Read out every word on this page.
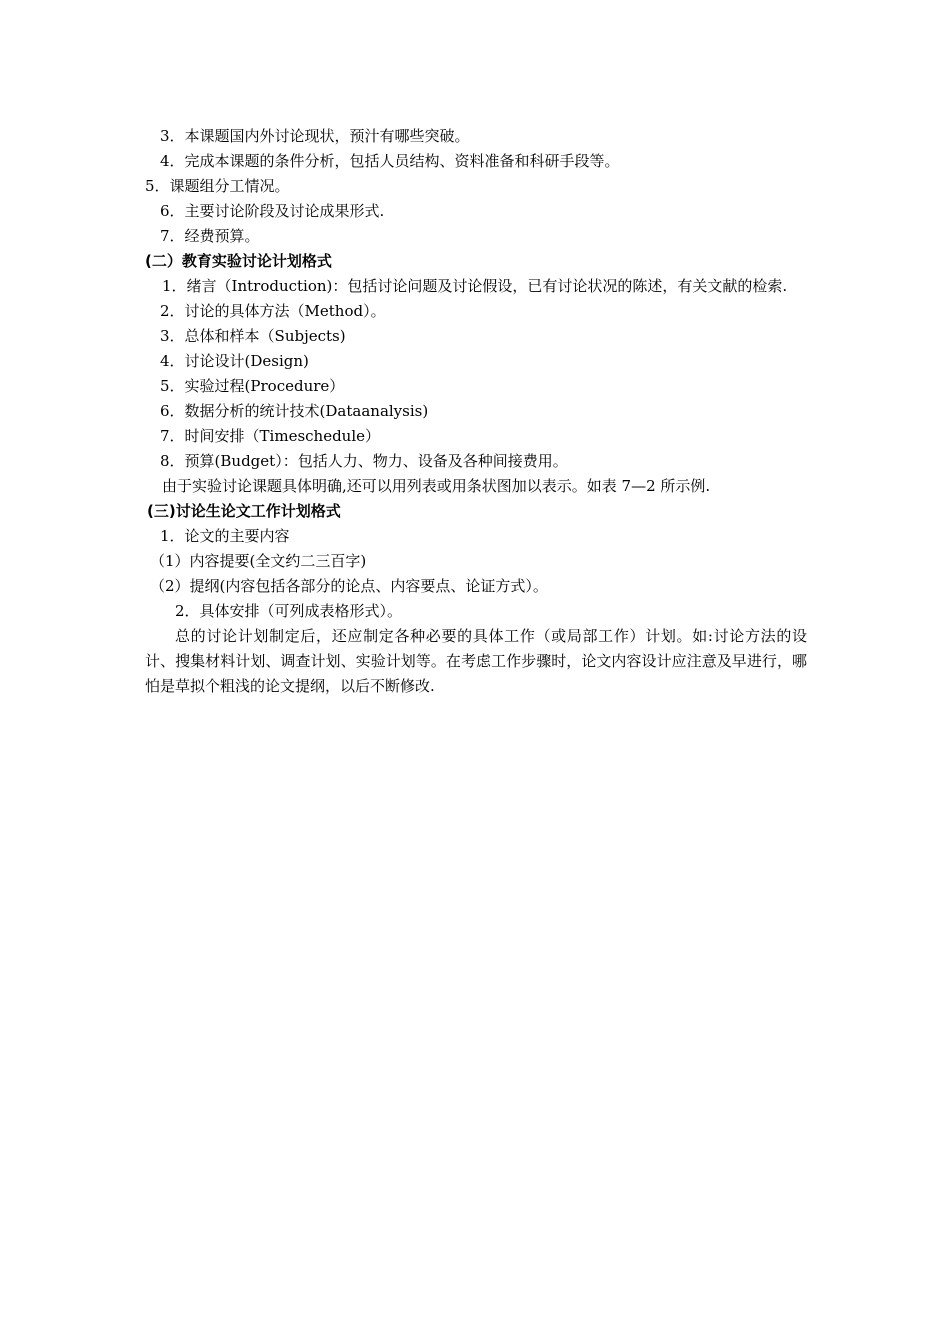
3．本课题国内外讨论现状，预汁有哪些突破。
4．完成本课题的条件分析，包括人员结构、资料准备和科研手段等。
5．课题组分工情况。
6．主要讨论阶段及讨论成果形式.
7．经费预算。
(二）教育实验讨论计划格式
1．绪言（Introduction)：包括讨论问题及讨论假设，已有讨论状况的陈述，有关文献的检索.
2．讨论的具体方法（Method）。
3．总体和样本（Subjects)
4．讨论设计(Design)
5．实验过程(Procedure）
6．数据分析的统计技术(Dataanalysis)
7．时间安排（Timeschedule）
8．预算(Budget）：包括人力、物力、设备及各种间接费用。
由于实验讨论课题具体明确,还可以用列表或用条状图加以表示。如表 7—2 所示例.
(三)讨论生论文工作计划格式
1．论文的主要内容
（1）内容提要(全文约二三百字)
（2）提纲(内容包括各部分的论点、内容要点、论证方式）。
2．具体安排（可列成表格形式）。
总的讨论计划制定后，还应制定各种必要的具体工作（或局部工作）计划。如:讨论方法的设计、搜集材料计划、调查计划、实验计划等。在考虑工作步骤时，论文内容设计应注意及早进行，哪怕是草拟个粗浅的论文提纲，以后不断修改.
